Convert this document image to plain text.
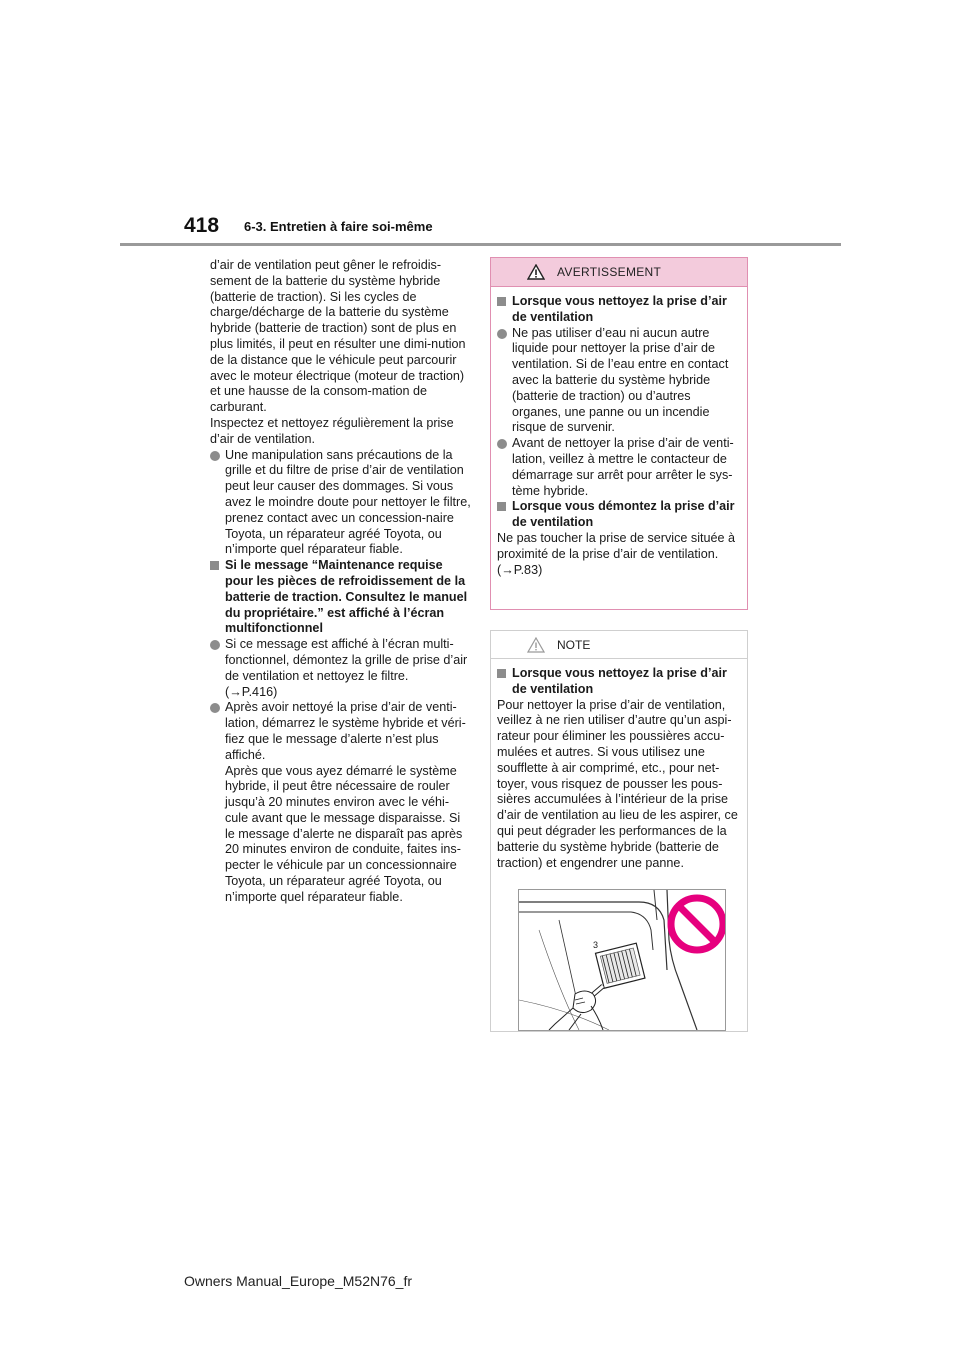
418 6-3. Entretien à faire soi-même

d’air de ventilation peut gêner le refroidis-sement de la batterie du système hybride (batterie de traction). Si les cycles de charge/décharge de la batterie du système hybride (batterie de traction) sont de plus en plus limités, il peut en résulter une dimi-nution de la distance que le véhicule peut parcourir avec le moteur électrique (moteur de traction) et une hausse de la consom-mation de carburant.
Inspectez et nettoyez régulièrement la prise d’air de ventilation.

Une manipulation sans précautions de la grille et du filtre de prise d’air de ventilation peut leur causer des dommages. Si vous avez le moindre doute pour nettoyer le filtre, prenez contact avec un concession-naire Toyota, un réparateur agréé Toyota, ou n’importe quel réparateur fiable.

Si le message “Maintenance requise pour les pièces de refroidissement de la batterie de traction. Consultez le manuel du propriétaire.” est affiché à l’écran multifonctionnel

Si ce message est affiché à l’écran multi-fonctionnel, démontez la grille de prise d’air de ventilation et nettoyez le filtre.
(→P.416)

Après avoir nettoyé la prise d’air de venti-lation, démarrez le système hybride et véri-fiez que le message d’alerte n’est plus affiché.
Après que vous ayez démarré le système hybride, il peut être nécessaire de rouler jusqu’à 20 minutes environ avec le véhi-cule avant que le message disparaisse. Si le message d’alerte ne disparaît pas après 20 minutes environ de conduite, faites ins-pecter le véhicule par un concessionnaire Toyota, un réparateur agréé Toyota, ou n’importe quel réparateur fiable.

AVERTISSEMENT

Lorsque vous nettoyez la prise d’air de ventilation

Ne pas utiliser d’eau ni aucun autre liquide pour nettoyer la prise d’air de ventilation. Si de l’eau entre en contact avec la batterie du système hybride (batterie de traction) ou d’autres organes, une panne ou un incendie risque de survenir.

Avant de nettoyer la prise d’air de venti-lation, veillez à mettre le contacteur de démarrage sur arrêt pour arrêter le sys-tème hybride.

Lorsque vous démontez la prise d’air de ventilation

Ne pas toucher la prise de service située à proximité de la prise d’air de ventilation.
(→P.83)

NOTE

Lorsque vous nettoyez la prise d’air de ventilation

Pour nettoyer la prise d’air de ventilation, veillez à ne rien utiliser d’autre qu’un aspi-rateur pour éliminer les poussières accu-mulées et autres. Si vous utilisez une soufflette à air comprimé, etc., pour net-toyer, vous risquez de pousser les pous-sières accumulées à l’intérieur de la prise d’air de ventilation au lieu de les aspirer, ce qui peut dégrader les performances de la batterie du système hybride (batterie de traction) et engendrer une panne.

3
Owners Manual_Europe_M52N76_fr
